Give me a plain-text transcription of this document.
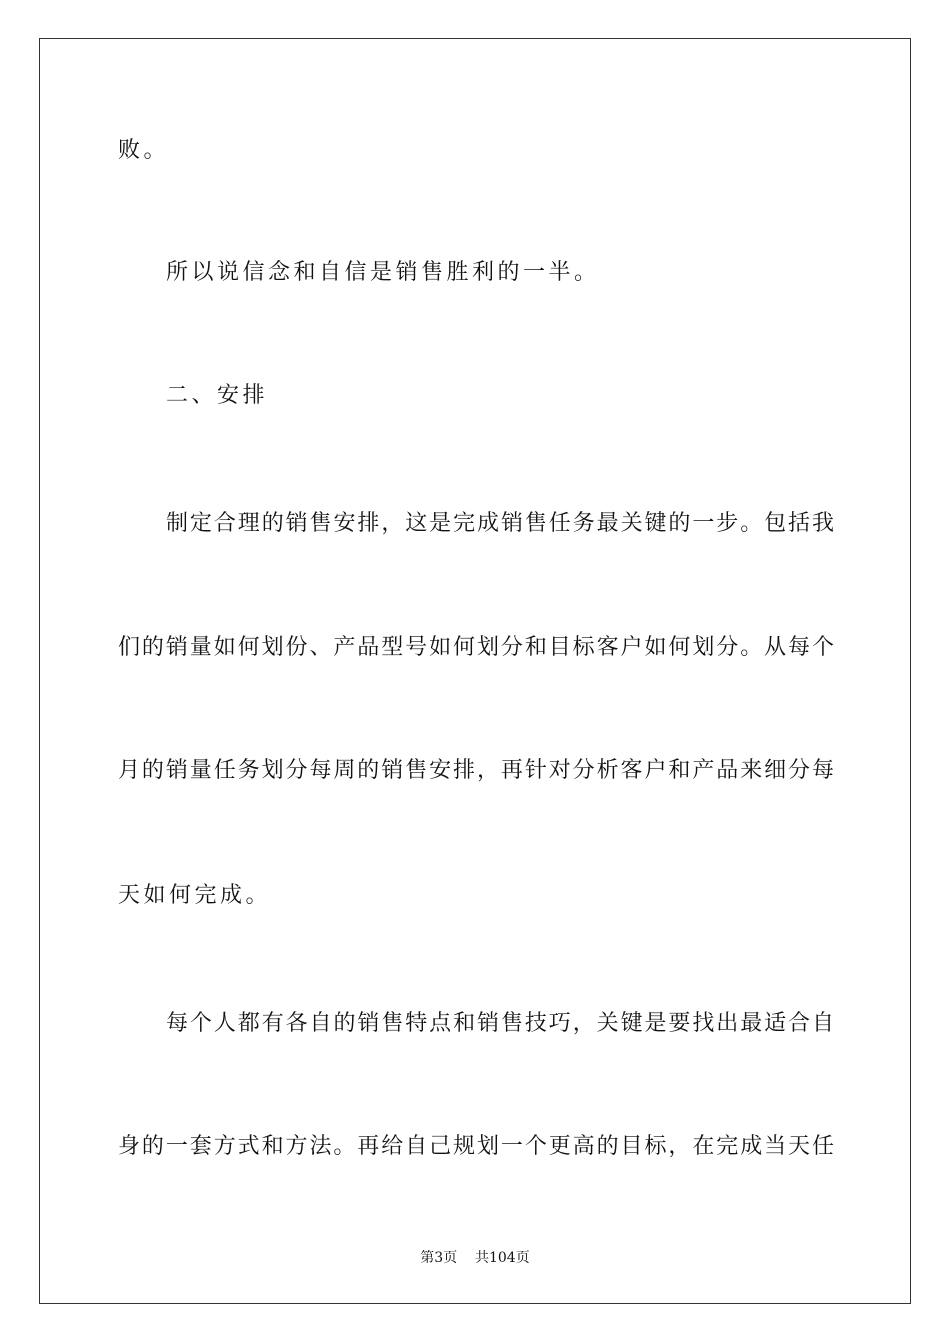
败。
所以说信念和自信是销售胜利的一半。
二、安排
制定合理的销售安排，这是完成销售任务最关键的一步。包括我
们的销量如何划份、产品型号如何划分和目标客户如何划分。从每个
月的销量任务划分每周的销售安排，再针对分析客户和产品来细分每
天如何完成。
每个人都有各自的销售特点和销售技巧，关键是要找出最适合自
身的一套方式和方法。再给自己规划一个更高的目标，在完成当天任
第3页    共104页
